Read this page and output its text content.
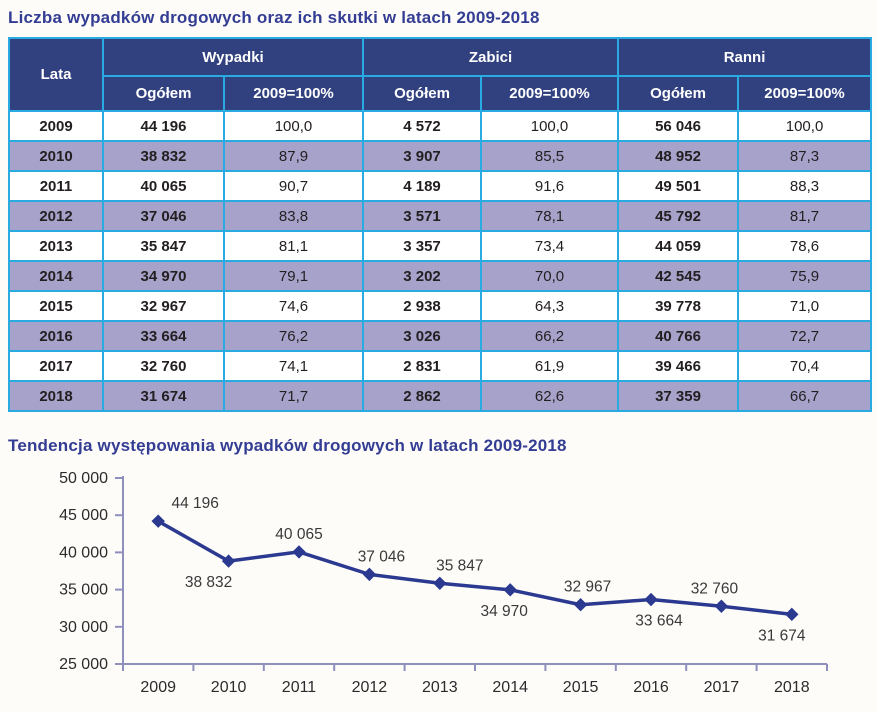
Liczba wypadków drogowych oraz ich skutki w latach 2009-2018
Lata	Wypadki		Zabici		Ranni	
	Ogółem	2009=100%	Ogółem	2009=100%	Ogółem	2009=100%
2009	44 196	100,0	4 572	100,0	56 046	100,0
2010	38 832	87,9	3 907	85,5	48 952	87,3
2011	40 065	90,7	4 189	91,6	49 501	88,3
2012	37 046	83,8	3 571	78,1	45 792	81,7
2013	35 847	81,1	3 357	73,4	44 059	78,6
2014	34 970	79,1	3 202	70,0	42 545	75,9
2015	32 967	74,6	2 938	64,3	39 778	71,0
2016	33 664	76,2	3 026	66,2	40 766	72,7
2017	32 760	74,1	2 831	61,9	39 466	70,4
2018	31 674	71,7	2 862	62,6	37 359	66,7
Tendencja występowania wypadków drogowych w latach 2009-2018
25 000
30 000
35 000
40 000
45 000
50 000
2009 2010 2011 2012 2013 2014 2015 2016 2017 2018
44 196
38 832
40 065
37 046
35 847
34 970
32 967
33 664
32 760
31 674
